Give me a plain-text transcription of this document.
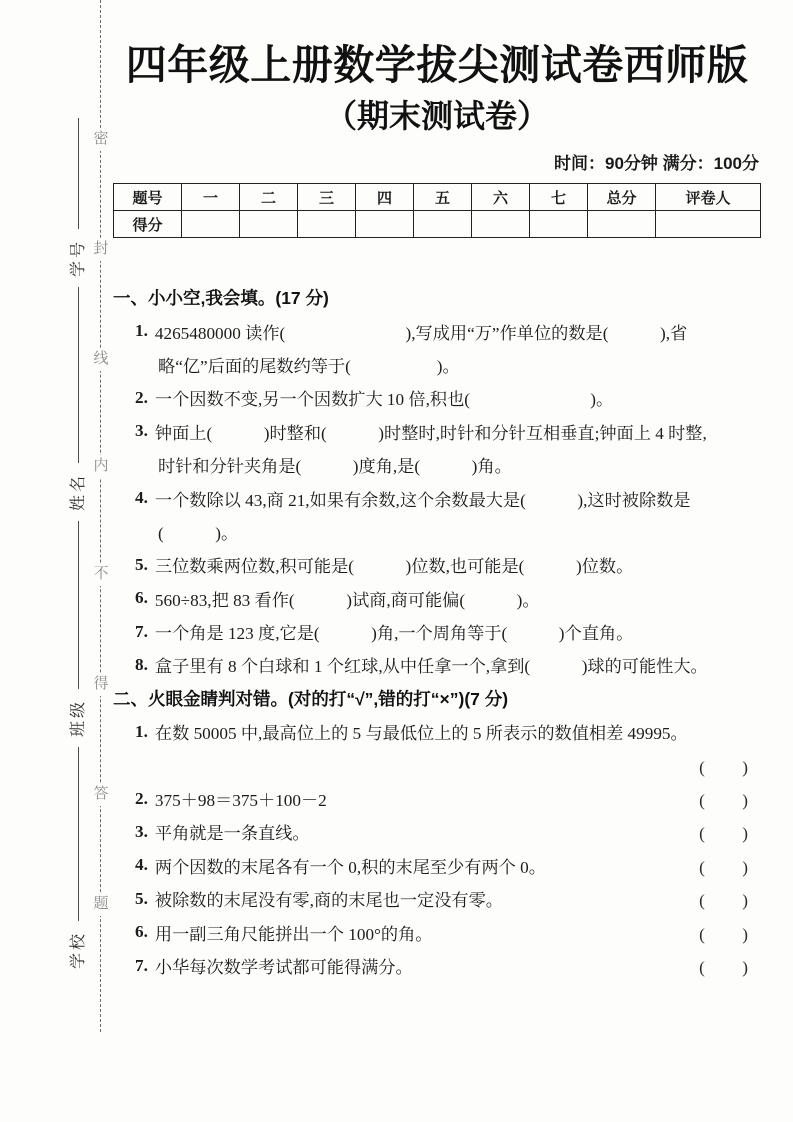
密
封
线
内
不
得
答
题
学号
姓名
班级
学校
四年级上册数学拔尖测试卷西师版
（期末测试卷）
时间：90分钟 满分：100分
题号	一	二	三	四	五	六	七	总分	评卷人
得分									
一、小小空,我会填。(17 分)
1. 4265480000 读作(　　　　　　　),写成用“万”作单位的数是(　　　),省
略“亿”后面的尾数约等于(　　　　　)。
2. 一个因数不变,另一个因数扩大 10 倍,积也(　　　　　　　)。
3. 钟面上(　　　)时整和(　　　)时整时,时针和分针互相垂直;钟面上 4 时整,
时针和分针夹角是(　　　)度角,是(　　　)角。
4. 一个数除以 43,商 21,如果有余数,这个余数最大是(　　　),这时被除数是
(　　　)。
5. 三位数乘两位数,积可能是(　　　)位数,也可能是(　　　)位数。
6. 560÷83,把 83 看作(　　　)试商,商可能偏(　　　)。
7. 一个角是 123 度,它是(　　　)角,一个周角等于(　　　)个直角。
8. 盒子里有 8 个白球和 1 个红球,从中任拿一个,拿到(　　　)球的可能性大。
二、火眼金睛判对错。(对的打“√”,错的打“×”)(7 分)
1. 在数 50005 中,最高位上的 5 与最低位上的 5 所表示的数值相差 49995。
(　　)
2. 375＋98＝375＋100－2	(　　)
3. 平角就是一条直线。	(　　)
4. 两个因数的末尾各有一个 0,积的末尾至少有两个 0。	(　　)
5. 被除数的末尾没有零,商的末尾也一定没有零。	(　　)
6. 用一副三角尺能拼出一个 100°的角。	(　　)
7. 小华每次数学考试都可能得满分。	(　　)
